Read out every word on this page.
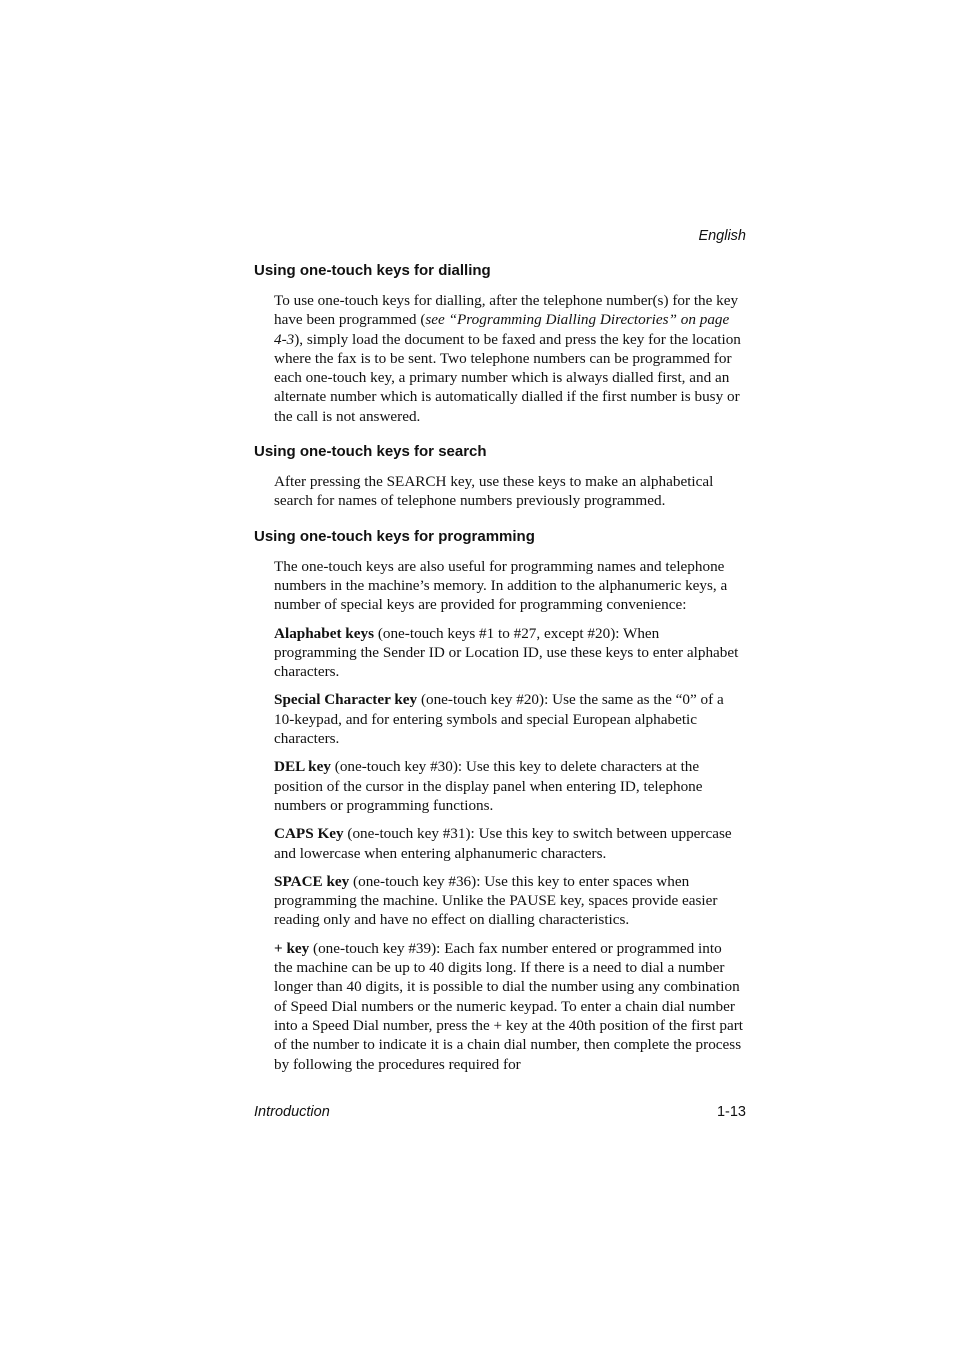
English
Using one-touch keys for dialling

To use one-touch keys for dialling, after the telephone number(s) for the key have been programmed (see “Programming Dialling Directories” on page 4-3), simply load the document to be faxed and press the key for the location where the fax is to be sent. Two telephone numbers can be programmed for each one-touch key, a primary number which is always dialled first, and an alternate number which is automatically dialled if the first number is busy or the call is not answered.

Using one-touch keys for search

After pressing the SEARCH key, use these keys to make an alphabetical search for names of telephone numbers previously programmed.

Using one-touch keys for programming

The one-touch keys are also useful for programming names and telephone numbers in the machine’s memory. In addition to the alphanumeric keys, a number of special keys are provided for programming convenience:

Alaphabet keys (one-touch keys #1 to #27, except #20): When programming the Sender ID or Location ID, use these keys to enter alphabet characters.

Special Character key (one-touch key #20): Use the same as the “0” of a 10-keypad, and for entering symbols and special European alphabetic characters.

DEL key (one-touch key #30): Use this key to delete characters at the position of the cursor in the display panel when entering ID, telephone numbers or programming functions.

CAPS Key (one-touch key #31): Use this key to switch between uppercase and lowercase when entering alphanumeric characters.

SPACE key (one-touch key #36): Use this key to enter spaces when programming the machine. Unlike the PAUSE key, spaces provide easier reading only and have no effect on dialling characteristics.

+ key (one-touch key #39): Each fax number entered or programmed into the machine can be up to 40 digits long. If there is a need to dial a number longer than 40 digits, it is possible to dial the number using any combination of Speed Dial numbers or the numeric keypad. To enter a chain dial number into a Speed Dial number, press the + key at the 40th position of the first part of the number to indicate it is a chain dial number, then complete the process by following the procedures required for

Introduction	1-13
